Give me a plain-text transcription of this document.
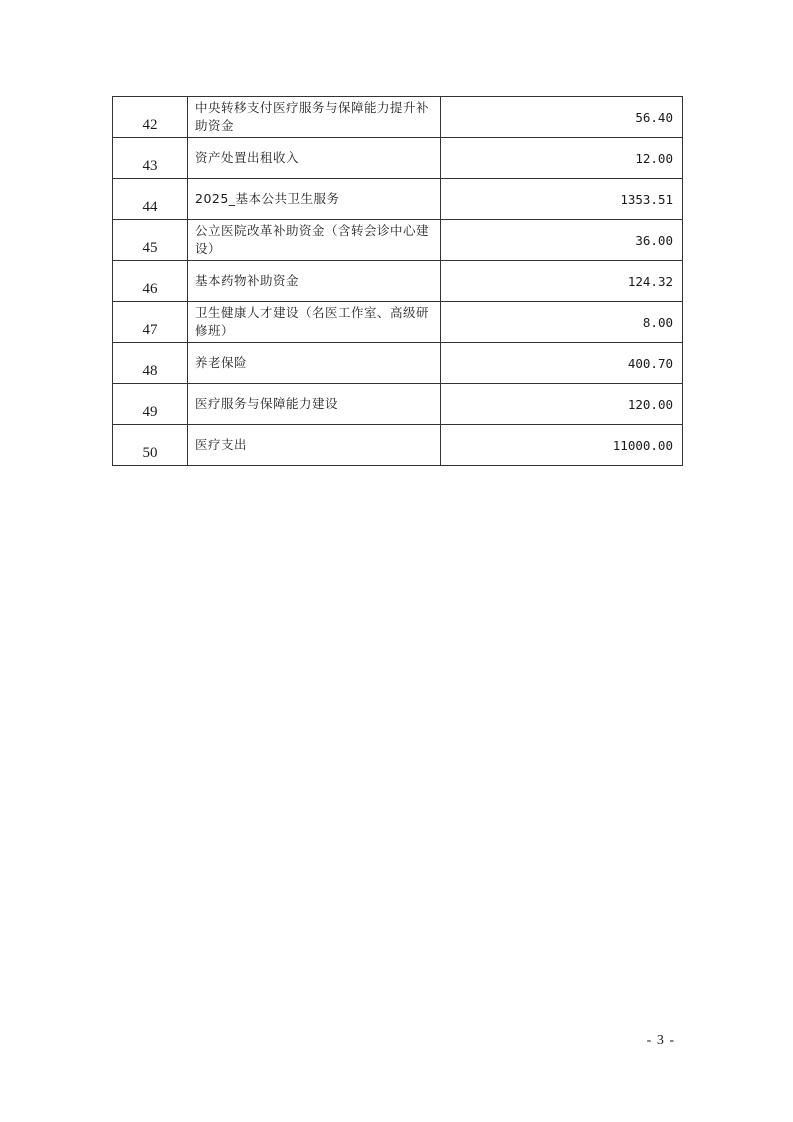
42	中央转移支付医疗服务与保障能力提升补助资金	56.40
43	资产处置出租收入	12.00
44	2025_基本公共卫生服务	1353.51
45	公立医院改革补助资金（含转会诊中心建设）	36.00
46	基本药物补助资金	124.32
47	卫生健康人才建设（名医工作室、高级研修班）	8.00
48	养老保险	400.70
49	医疗服务与保障能力建设	120.00
50	医疗支出	11000.00
- 3 -
